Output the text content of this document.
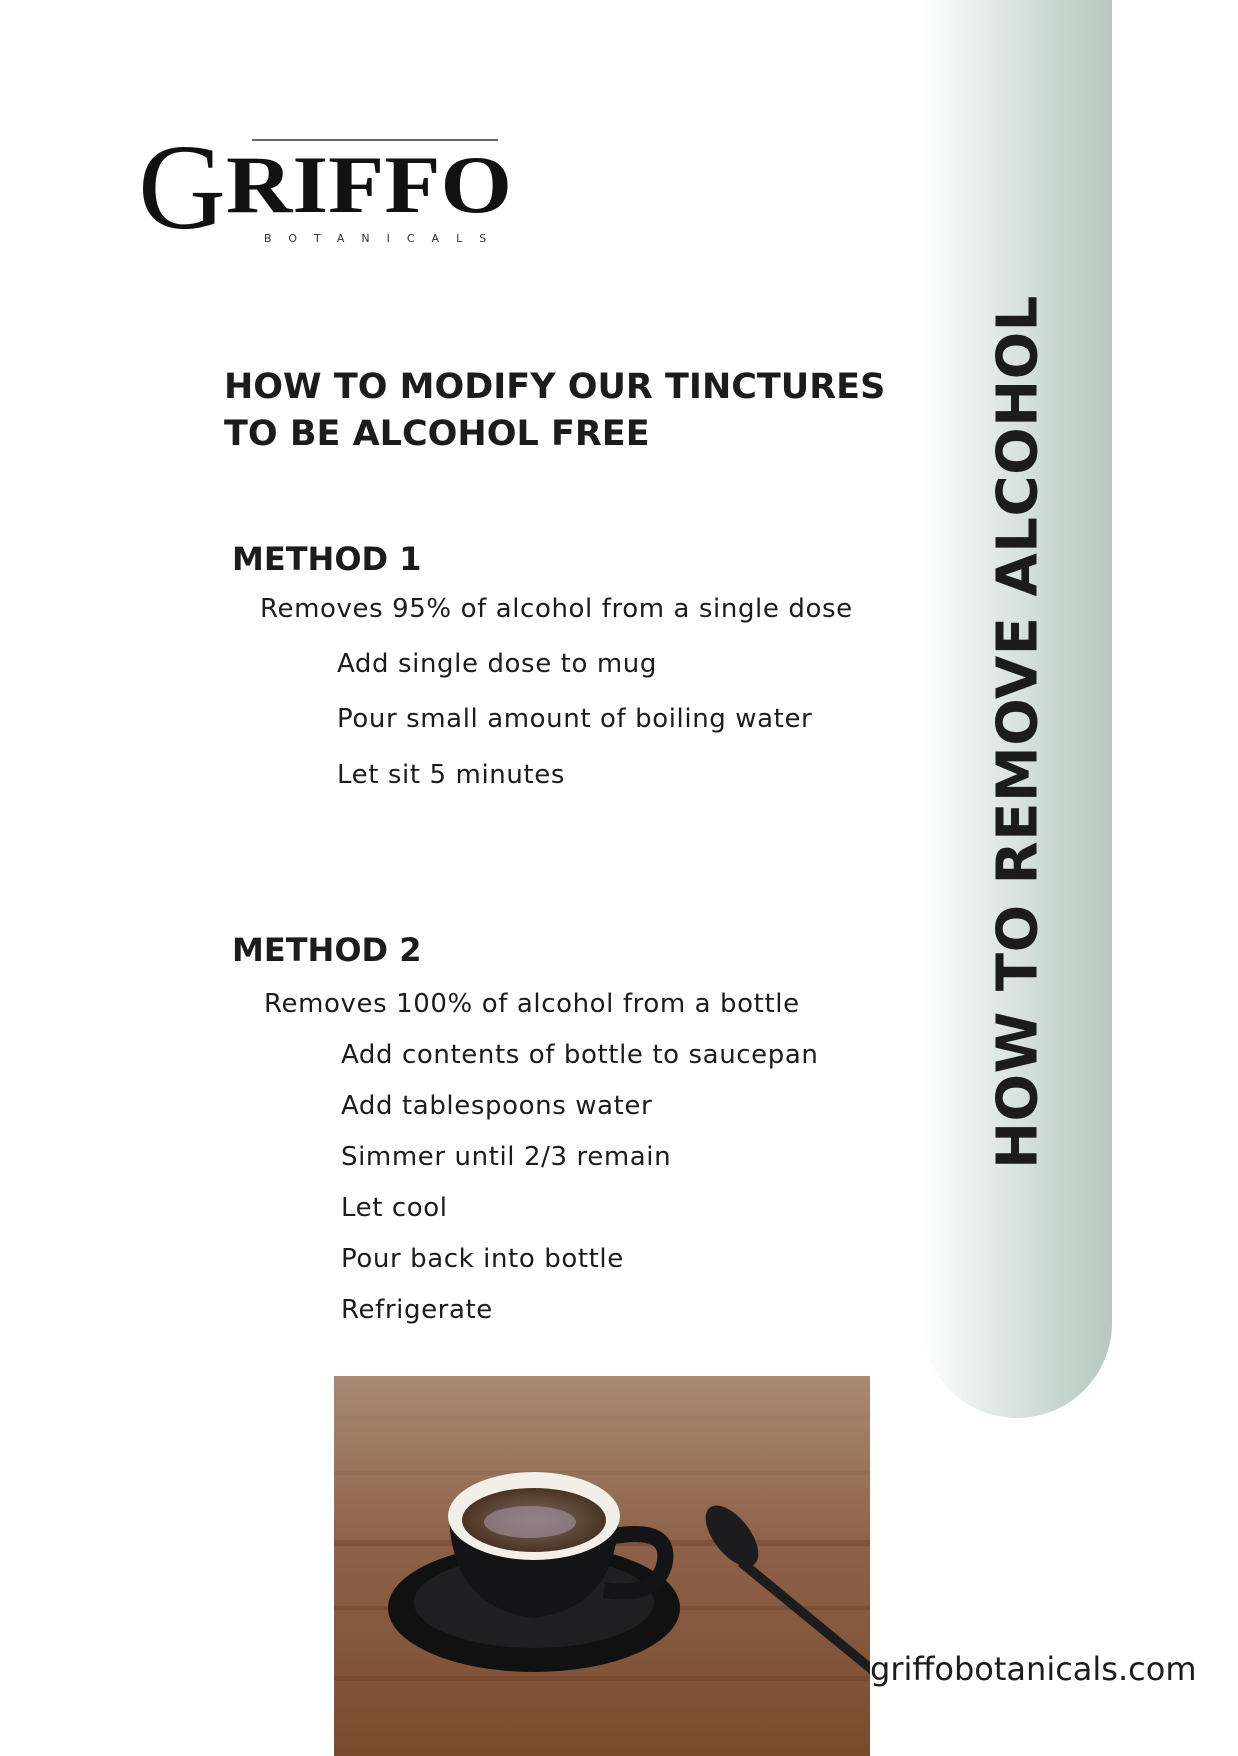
HOW TO REMOVE ALCOHOL
G RIFFO
BOTANICALS
HOW TO MODIFY OUR TINCTURES
TO BE ALCOHOL FREE
METHOD 1

Removes 95% of alcohol from a single dose

Add single dose to mug

Pour small amount of boiling water

Let sit 5 minutes

METHOD 2

Removes 100% of alcohol from a bottle

Add contents of bottle to saucepan

Add tablespoons water

Simmer until 2/3 remain

Let cool

Pour back into bottle

Refrigerate

griffobotanicals.com
